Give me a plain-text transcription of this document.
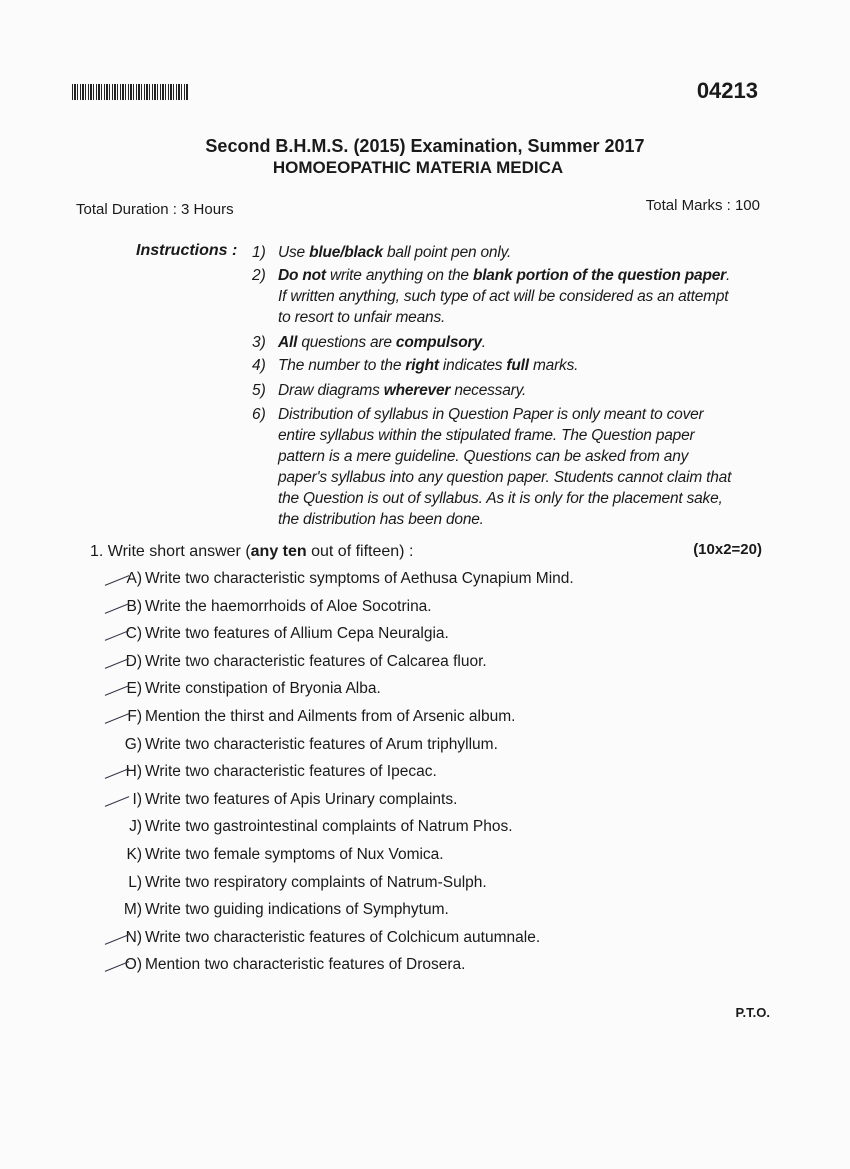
04213
Second B.H.M.S. (2015) Examination, Summer 2017
HOMOEOPATHIC MATERIA MEDICA
Total Duration : 3 Hours	Total Marks : 100
Instructions : 1) Use blue/black ball point pen only.
2) Do not write anything on the blank portion of the question paper. If written anything, such type of act will be considered as an attempt to resort to unfair means.
3) All questions are compulsory.
4) The number to the right indicates full marks.
5) Draw diagrams wherever necessary.
6) Distribution of syllabus in Question Paper is only meant to cover entire syllabus within the stipulated frame. The Question paper pattern is a mere guideline. Questions can be asked from any paper's syllabus into any question paper. Students cannot claim that the Question is out of syllabus. As it is only for the placement sake, the distribution has been done.
1. Write short answer (any ten out of fifteen) :	(10x2=20)
A) Write two characteristic symptoms of Aethusa Cynapium Mind.
B) Write the haemorrhoids of Aloe Socotrina.
C) Write two features of Allium Cepa Neuralgia.
D) Write two characteristic features of Calcarea fluor.
E) Write constipation of Bryonia Alba.
F) Mention the thirst and Ailments from of Arsenic album.
G) Write two characteristic features of Arum triphyllum.
H) Write two characteristic features of Ipecac.
I) Write two features of Apis Urinary complaints.
J) Write two gastrointestinal complaints of Natrum Phos.
K) Write two female symptoms of Nux Vomica.
L) Write two respiratory complaints of Natrum-Sulph.
M) Write two guiding indications of Symphytum.
N) Write two characteristic features of Colchicum autumnale.
O) Mention two characteristic features of Drosera.
P.T.O.
